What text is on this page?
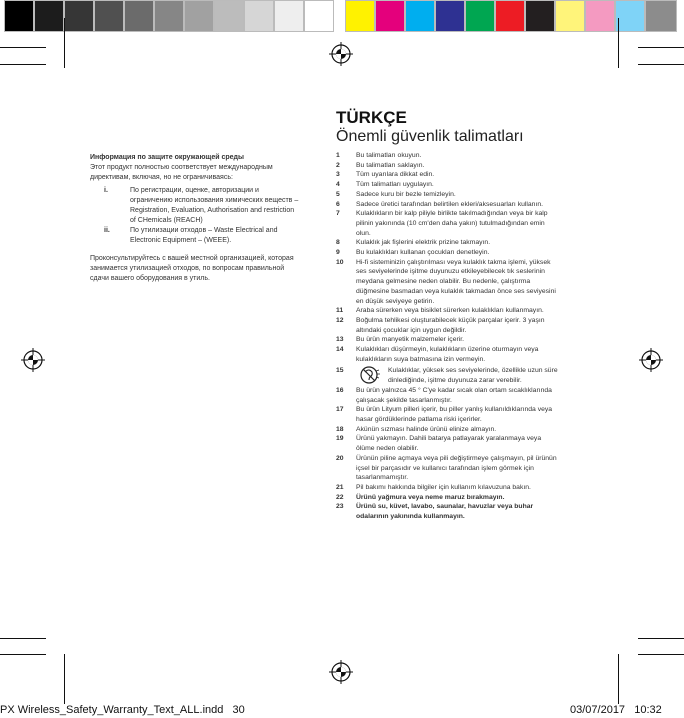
Информация по защите окружающей среды
Этот продукт полностью соответствует международным директивам, включая, но не ограничиваясь:
i.	По регистрации, оценке, авторизации и ограничению использования химических веществ – Registration, Evaluation, Authorisation and restriction of CHemicals (REACH)
ii.	По утилизации отходов – Waste Electrical and Electronic Equipment – (WEEE).
Проконсультируйтесь с вашей местной организацией, которая занимается утилизацией отходов, по вопросам правильной сдачи вашего оборудования в утиль.
TÜRKÇE
Önemli güvenlik talimatları
1	Bu talimatları okuyun.
2	Bu talimatları saklayın.
3	Tüm uyarılara dikkat edin.
4	Tüm talimatları uygulayın.
5	Sadece kuru bir bezle temizleyin.
6	Sadece üretici tarafından belirtilen ekleri/aksesuarları kullanın.
7	Kulaklıkların bir kalp piliyle birlikte takılmadığından veya bir kalp pilinin yakınında (10 cm'den daha yakın) tutulmadığından emin olun.
8	Kulaklık jak fişlerini elektrik prizine takmayın.
9	Bu kulaklıkları kullanan çocukları denetleyin.
10	Hi-fi sisteminizin çalıştırılması veya kulaklık takma işlemi, yüksek ses seviyelerinde işitme duyunuzu etkileyebilecek tık seslerinin meydana gelmesine neden olabilir. Bu nedenle, çalıştırma düğmesine basmadan veya kulaklık takmadan önce ses seviyesini en düşük seviyeye getirin.
11	Araba sürerken veya bisiklet sürerken kulaklıkları kullanmayın.
12	Boğulma tehlikesi oluşturabilecek küçük parçalar içerir. 3 yaşın altındaki çocuklar için uygun değildir.
13	Bu ürün manyetik malzemeler içerir.
14	Kulaklıkları düşürmeyin, kulaklıkların üzerine oturmayın veya kulaklıkların suya batmasına izin vermeyin.
15	Kulaklıklar, yüksek ses seviyelerinde, özellikle uzun süre dinlediğinde, işitme duyunuza zarar verebilir.
16	Bu ürün yalnızca 45 ° C'ye kadar sıcak olan ortam sıcaklıklarında çalışacak şekilde tasarlanmıştır.
17	Bu ürün Lityum pilleri içerir, bu piller yanlış kullanıldıklarında veya hasar gördüklerinde patlama riski içerirler.
18	Akünün sızması halinde ürünü elinize almayın.
19	Ürünü yakmayın. Dahili batarya patlayarak yaralanmaya veya ölüme neden olabilir.
20	Ürünün piline açmaya veya pili değiştirmeye çalışmayın, pil ürünün içsel bir parçasıdır ve kullanıcı tarafından işlem görmek için tasarlanmamıştır.
21	Pil bakımı hakkında bilgiler için kullanım kılavuzuna bakın.
22	Ürünü yağmura veya neme maruz bırakmayın.
23	Ürünü su, küvet, lavabo, saunalar, havuzlar veya buhar odalarının yakınında kullanmayın.
PX Wireless_Safety_Warranty_Text_ALL.indd 30	03/07/2017 10:32
